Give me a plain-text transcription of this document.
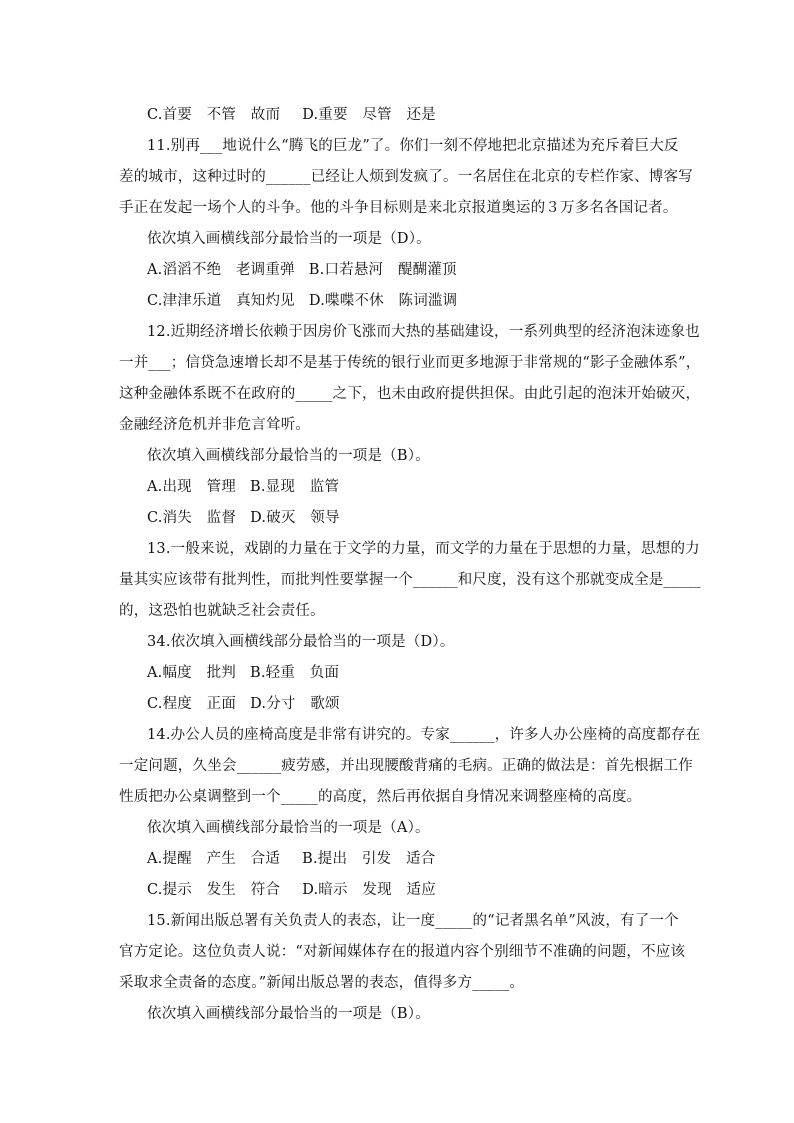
C.首要　不管　故而 D.重要　尽管　还是
11.别再___地说什么“腾飞的巨龙”了。你们一刻不停地把北京描述为充斥着巨大反
差的城市，这种过时的______已经让人烦到发疯了。一名居住在北京的专栏作家、博客写
手正在发起一场个人的斗争。他的斗争目标则是来北京报道奥运的３万多名各国记者。
依次填入画横线部分最恰当的一项是（D）。
A.滔滔不绝　老调重弹 B.口若悬河　醍醐灌顶
C.津津乐道　真知灼见 D.喋喋不休　陈词滥调
12.近期经济增长依赖于因房价飞涨而大热的基础建设，一系列典型的经济泡沫迹象也
一并___；信贷急速增长却不是基于传统的银行业而更多地源于非常规的“影子金融体系”，
这种金融体系既不在政府的_____之下，也未由政府提供担保。由此引起的泡沫开始破灭，
金融经济危机并非危言耸听。
依次填入画横线部分最恰当的一项是（B）。
A.出现　管理 B.显现　监管
C.消失　监督 D.破灭　领导
13.一般来说，戏剧的力量在于文学的力量，而文学的力量在于思想的力量，思想的力
量其实应该带有批判性，而批判性要掌握一个______和尺度，没有这个那就变成全是_____
的，这恐怕也就缺乏社会责任。
34.依次填入画横线部分最恰当的一项是（D）。
A.幅度　批判 B.轻重　负面
C.程度　正面 D.分寸　歌颂
14.办公人员的座椅高度是非常有讲究的。专家______，许多人办公座椅的高度都存在
一定问题，久坐会______疲劳感，并出现腰酸背痛的毛病。正确的做法是：首先根据工作
性质把办公桌调整到一个_____的高度，然后再依据自身情况来调整座椅的高度。
依次填入画横线部分最恰当的一项是（A）。
A.提醒　产生　合适 B.提出　引发　适合
C.提示　发生　符合 D.暗示　发现　适应
15.新闻出版总署有关负责人的表态，让一度_____的“记者黑名单”风波，有了一个
官方定论。这位负责人说：“对新闻媒体存在的报道内容个别细节不准确的问题，不应该
采取求全责备的态度。”新闻出版总署的表态，值得多方_____。
依次填入画横线部分最恰当的一项是（B）。
